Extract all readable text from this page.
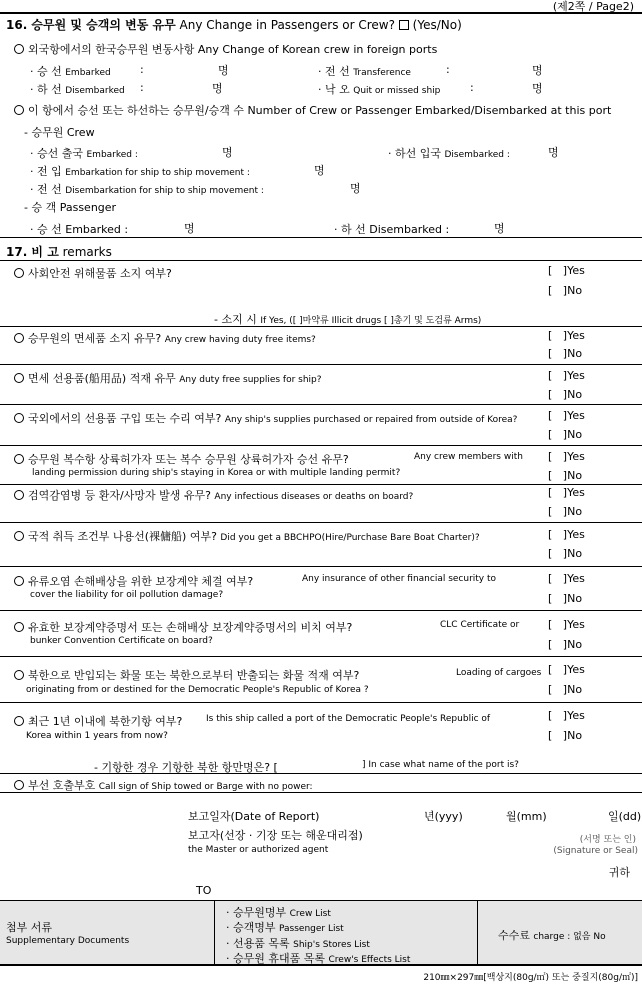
(제2쪽 / Page2)
16. 승무원 및 승객의 변동 유무 Any Change in Passengers or Crew? (Yes/No)
외국항에서의 한국승무원 변동사항 Any Change of Korean crew in foreign ports
· 승 선 Embarked	:	명	· 전 선 Transference	:	명
· 하 선 Disembarked :	명	· 낙 오 Quit or missed ship	:	명
이 항에서 승선 또는 하선하는 승무원/승객 수 Number of Crew or Passenger Embarked/Disembarked at this port
- 승무원 Crew
· 승선 출국 Embarked :	명	· 하선 입국 Disembarked :	명
· 전 입 Embarkation for ship to ship movement :	명
· 전 선 Disembarkation for ship to ship movement :	명
- 승 객 Passenger
· 승 선 Embarked :	명	· 하 선 Disembarked :	명
17. 비 고 remarks
사회안전 위해물품 소지 여부?	[ ]Yes
[ ]No
- 소지 시 If Yes, ([ ]마약류 Illicit drugs [ ]총기 및 도검류 Arms)
승무원의 면세품 소지 유무? Any crew having duty free items?	[ ]Yes
[ ]No
면세 선용품(船用品) 적재 유무 Any duty free supplies for ship?	[ ]Yes
[ ]No
국외에서의 선용품 구입 또는 수리 여부? Any ship's supplies purchased or repaired from outside of Korea?	[ ]Yes
[ ]No
승무원 복수항 상륙허가자 또는 복수 승무원 상륙허가자 승선 유무?	Any crew members with
landing permission during ship's staying in Korea or with multiple landing permit?
[ ]Yes
[ ]No
검역감염병 등 환자/사망자 발생 유무? Any infectious diseases or deaths on board?	[ ]Yes
[ ]No
국적 취득 조건부 나용선(裸傭船) 여부? Did you get a BBCHPO(Hire/Purchase Bare Boat Charter)?	[ ]Yes
[ ]No
유류오염 손해배상을 위한 보장계약 체결 여부?	Any insurance of other financial security to
cover the liability for oil pollution damage?
[ ]Yes
[ ]No
유효한 보장계약증명서 또는 손해배상 보장계약증명서의 비치 여부?	CLC Certificate or
bunker Convention Certificate on board?
[ ]Yes
[ ]No
북한으로 반입되는 화물 또는 북한으로부터 반출되는 화물 적재 여부?	Loading of cargoes
originating from or destined for the Democratic People's Republic of Korea ?
[ ]Yes
[ ]No
최근 1년 이내에 북한기항 여부?	Is this ship called a port of the Democratic People's Republic of
Korea within 1 years from now?
[ ]Yes
[ ]No
- 기항한 경우 기항한 북한 항만명은? [	] In case what name of the port is?
부선 호출부호 Call sign of Ship towed or Barge with no power:
보고일자(Date of Report)	년(yyy)	월(mm)	일(dd)
보고자(선장 · 기장 또는 해운대리점)
the Master or authorized agent
(서명 또는 인)
(Signature or Seal)
귀하
TO
첨부 서류
Supplementary Documents
· 승무원명부 Crew List
· 승객명부 Passenger List
· 선용품 목록 Ship's Stores List
· 승무원 휴대품 목록 Crew's Effects List
수수료 charge : 없음 No
210㎜×297㎜[백상지(80g/㎡) 또는 중질지(80g/㎡)]
